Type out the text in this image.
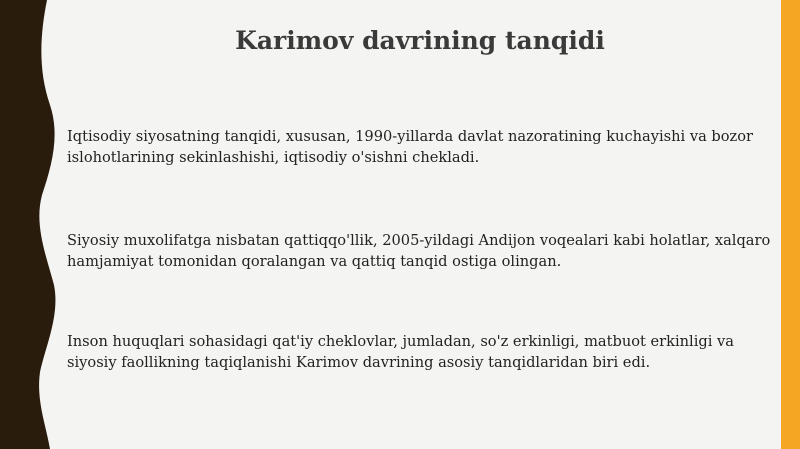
Karimov davrining tanqidi

Iqtisodiy siyosatning tanqidi, xususan, 1990-yillarda davlat nazoratining kuchayishi va bozor islohotlarining sekinlashishi, iqtisodiy o'sishni chekladi.

Siyosiy muxolifatga nisbatan qattiqqo'llik, 2005-yildagi Andijon voqealari kabi holatlar, xalqaro hamjamiyat tomonidan qoralangan va qattiq tanqid ostiga olingan.

Inson huquqlari sohasidagi qat'iy cheklovlar, jumladan, so'z erkinligi, matbuot erkinligi va siyosiy faollikning taqiqlanishi Karimov davrining asosiy tanqidlaridan biri edi.
